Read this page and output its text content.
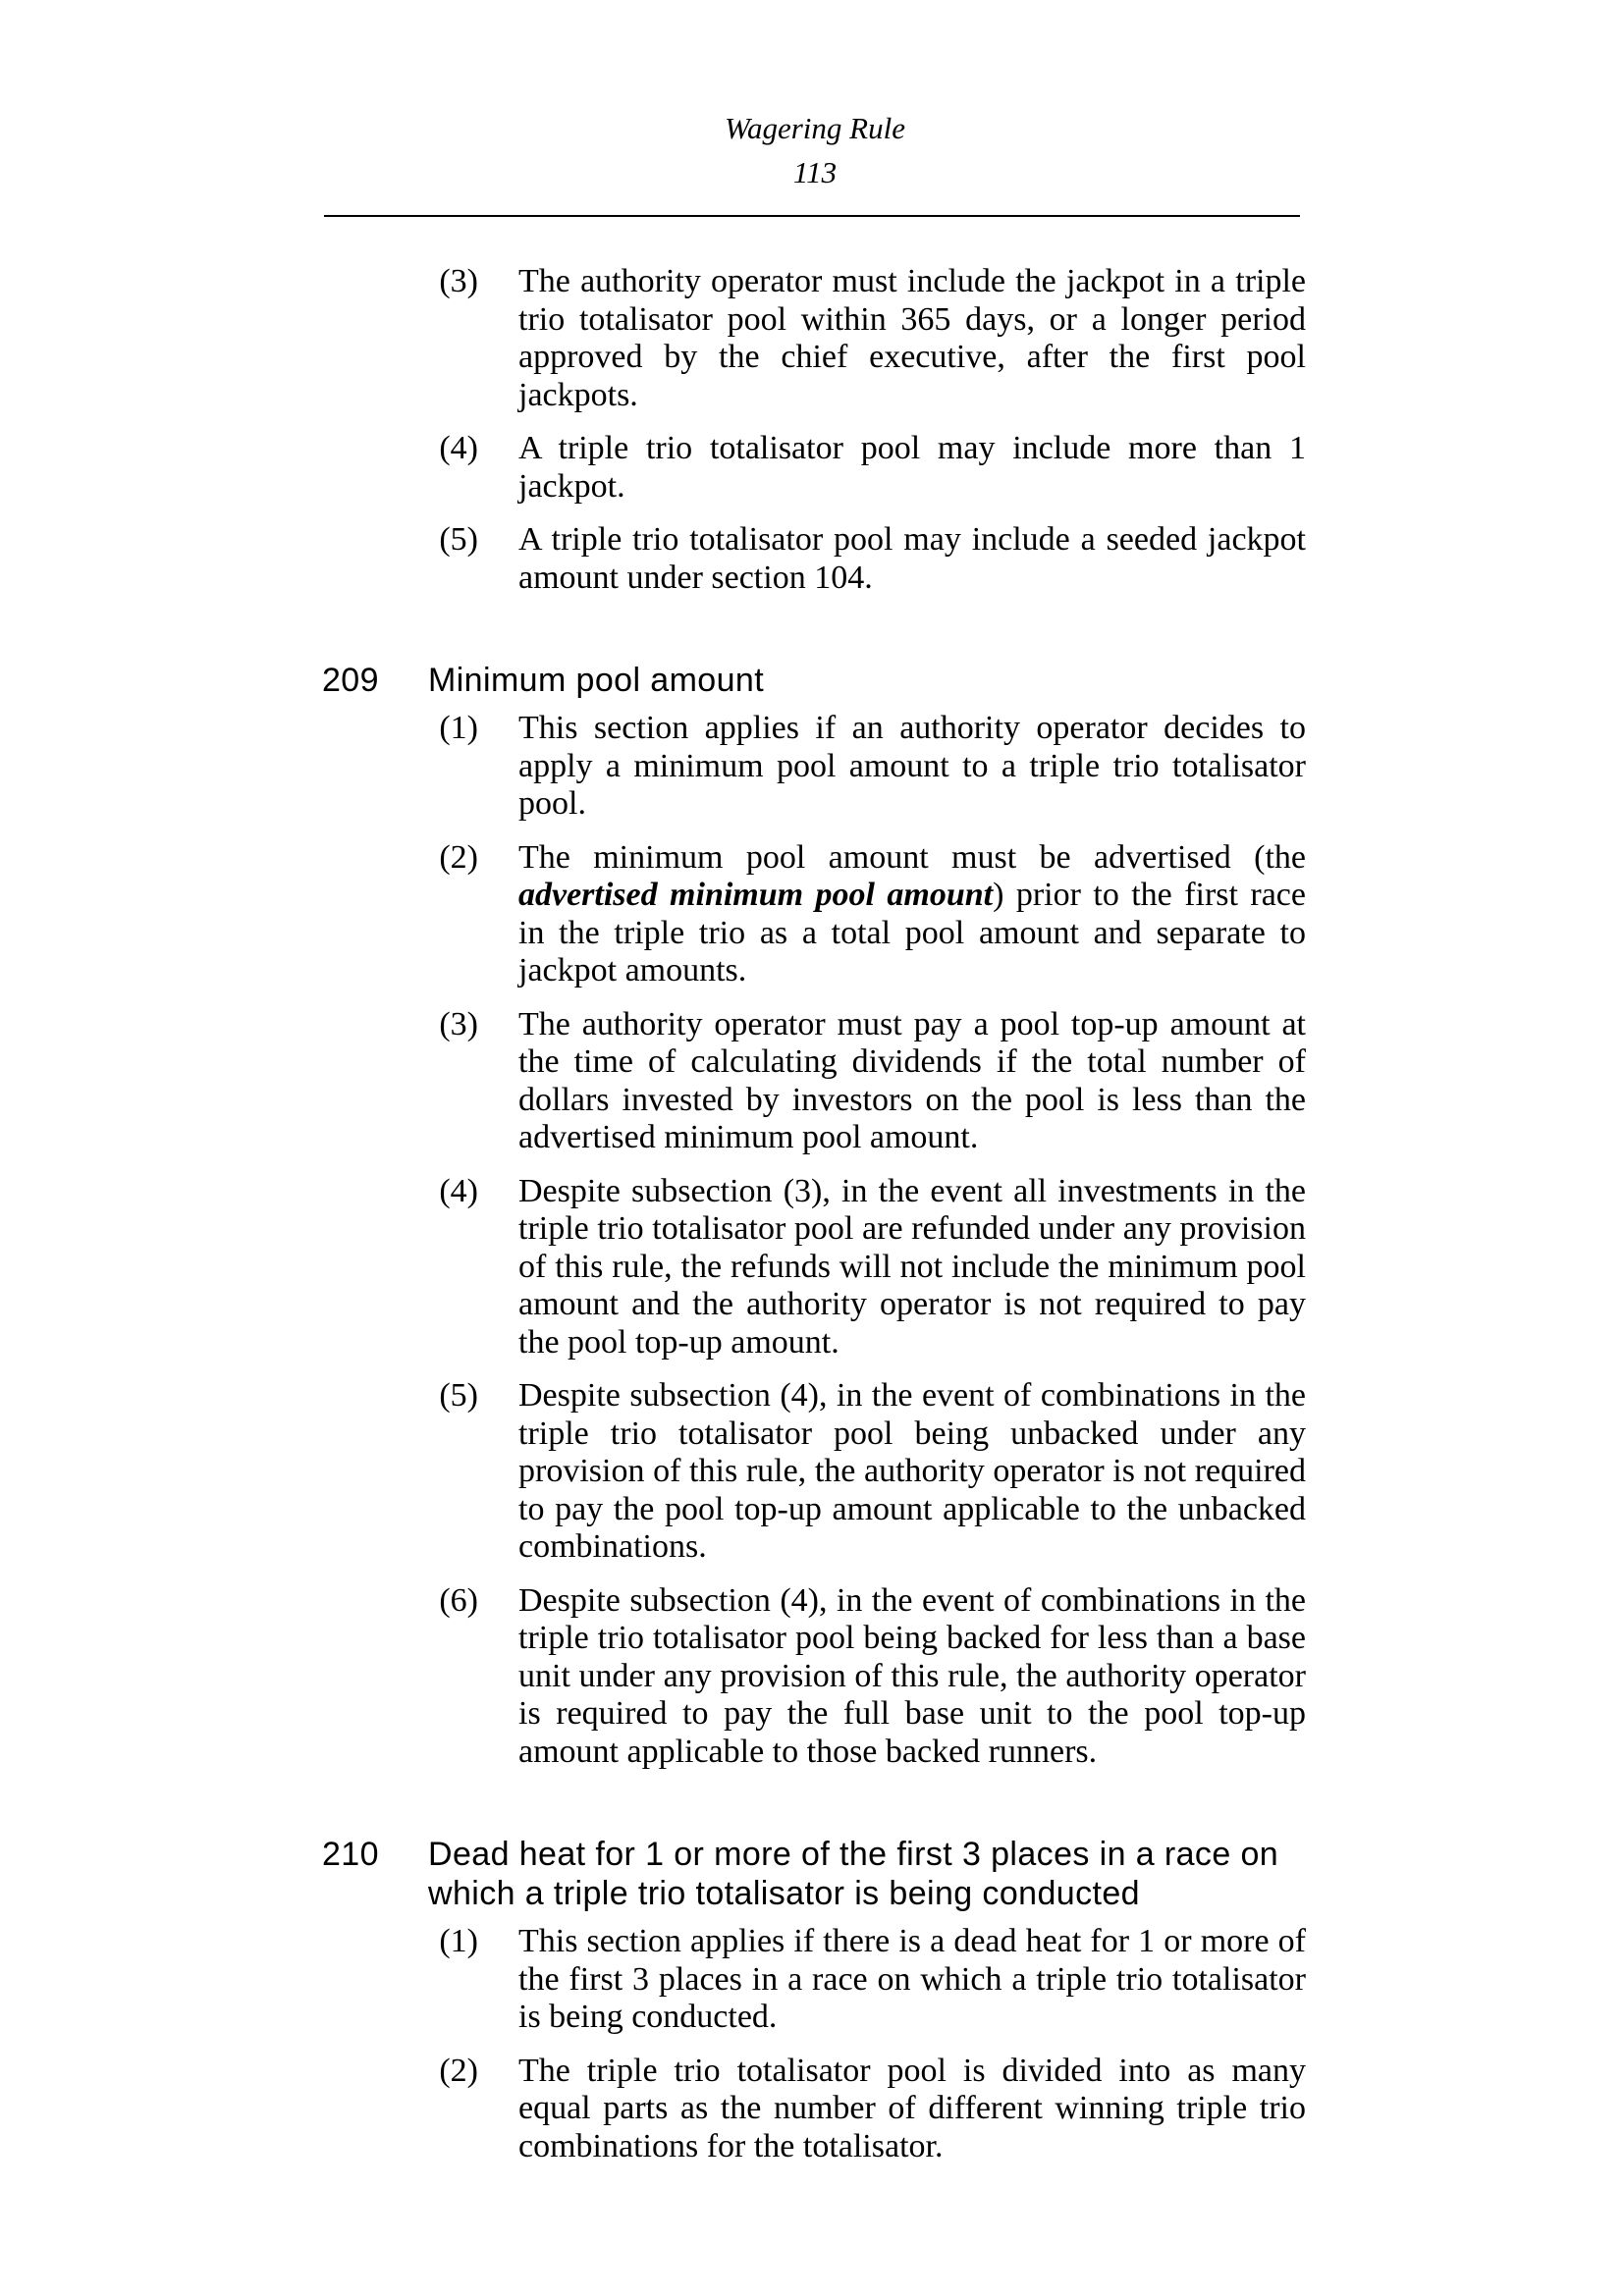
Wagering Rule
113
(3) The authority operator must include the jackpot in a triple trio totalisator pool within 365 days, or a longer period approved by the chief executive, after the first pool jackpots.
(4) A triple trio totalisator pool may include more than 1 jackpot.
(5) A triple trio totalisator pool may include a seeded jackpot amount under section 104.
209 Minimum pool amount
(1) This section applies if an authority operator decides to apply a minimum pool amount to a triple trio totalisator pool.
(2) The minimum pool amount must be advertised (the advertised minimum pool amount) prior to the first race in the triple trio as a total pool amount and separate to jackpot amounts.
(3) The authority operator must pay a pool top-up amount at the time of calculating dividends if the total number of dollars invested by investors on the pool is less than the advertised minimum pool amount.
(4) Despite subsection (3), in the event all investments in the triple trio totalisator pool are refunded under any provision of this rule, the refunds will not include the minimum pool amount and the authority operator is not required to pay the pool top-up amount.
(5) Despite subsection (4), in the event of combinations in the triple trio totalisator pool being unbacked under any provision of this rule, the authority operator is not required to pay the pool top-up amount applicable to the unbacked combinations.
(6) Despite subsection (4), in the event of combinations in the triple trio totalisator pool being backed for less than a base unit under any provision of this rule, the authority operator is required to pay the full base unit to the pool top-up amount applicable to those backed runners.
210 Dead heat for 1 or more of the first 3 places in a race on which a triple trio totalisator is being conducted
(1) This section applies if there is a dead heat for 1 or more of the first 3 places in a race on which a triple trio totalisator is being conducted.
(2) The triple trio totalisator pool is divided into as many equal parts as the number of different winning triple trio combinations for the totalisator.
